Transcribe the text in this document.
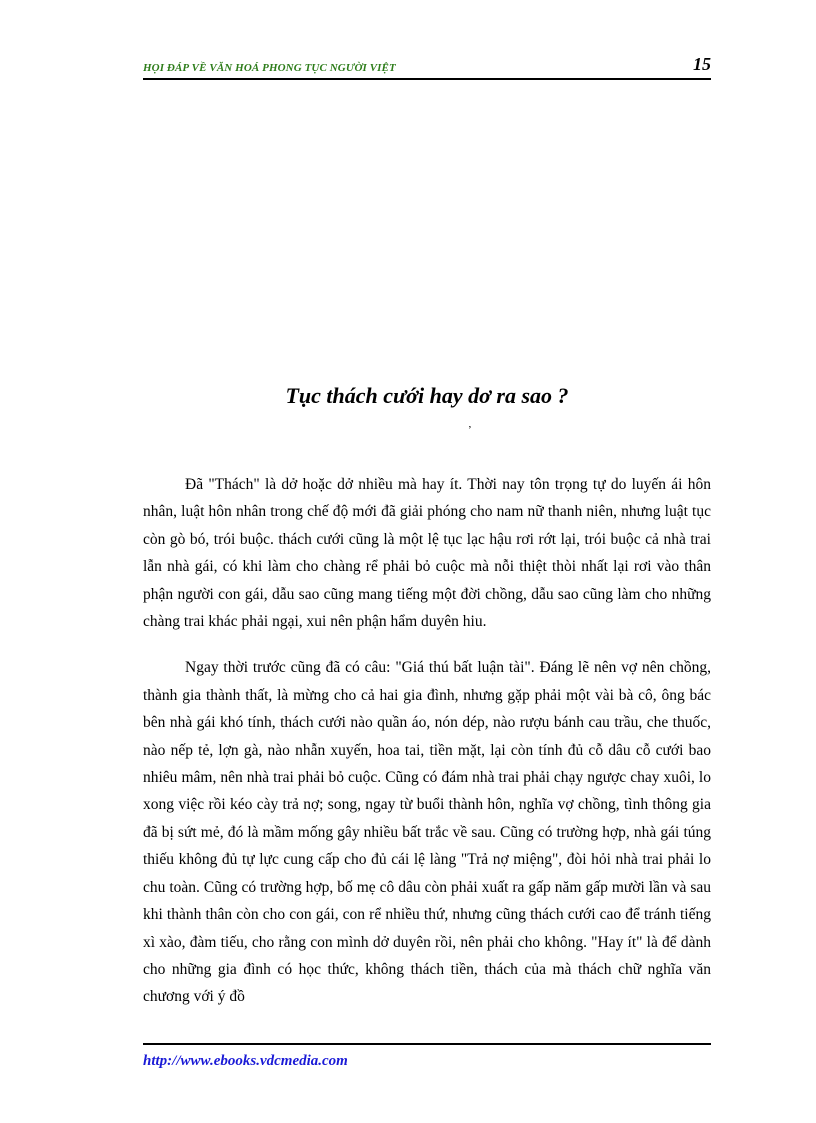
HỌI ĐÁP VỀ VĂN HOÁ PHONG TỤC NGƯỜI VIỆT	15
Tục thách cưới hay dơ ra sao ?
ʼ

Đã "Thách" là dở hoặc dở nhiều mà hay ít. Thời nay tôn trọng tự do luyến ái hôn nhân, luật hôn nhân trong chế độ mới đã giải phóng cho nam nữ thanh niên, nhưng luật tục còn gò bó, trói buộc. thách cưới cũng là một lệ tục lạc hậu rơi rớt lại, trói buộc cả nhà trai lẫn nhà gái, có khi làm cho chàng rể phải bỏ cuộc mà nỗi thiệt thòi nhất lại rơi vào thân phận người con gái, dẫu sao cũng mang tiếng một đời chồng, dẫu sao cũng làm cho những chàng trai khác phải ngại, xui nên phận hẩm duyên hiu.

Ngay thời trước cũng đã có câu: "Giá thú bất luận tài". Đáng lẽ nên vợ nên chồng, thành gia thành thất, là mừng cho cả hai gia đình, nhưng gặp phải một vài bà cô, ông bác bên nhà gái khó tính, thách cưới nào quần áo, nón dép, nào rượu bánh cau trầu, che thuốc, nào nếp tẻ, lợn gà, nào nhẫn xuyến, hoa tai, tiền mặt, lại còn tính đủ cỗ dâu cỗ cưới bao nhiêu mâm, nên nhà trai phải bỏ cuộc. Cũng có đám nhà trai phải chạy ngược chay xuôi, lo xong việc rồi kéo cày trả nợ; song, ngay từ buổi thành hôn, nghĩa vợ chồng, tình thông gia đã bị sứt mẻ, đó là mầm mống gây nhiều bất trắc về sau. Cũng có trường hợp, nhà gái túng thiếu không đủ tự lực cung cấp cho đủ cái lệ làng "Trả nợ miệng", đòi hỏi nhà trai phải lo chu toàn. Cũng có trường hợp, bố mẹ cô dâu còn phải xuất ra gấp năm gấp mười lần và sau khi thành thân còn cho con gái, con rể nhiều thứ, nhưng cũng thách cưới cao để tránh tiếng xì xào, đàm tiếu, cho rằng con mình dở duyên rồi, nên phải cho không. "Hay ít" là để dành cho những gia đình có học thức, không thách tiền, thách của mà thách chữ nghĩa văn chương với ý đồ

http://www.ebooks.vdcmedia.com
